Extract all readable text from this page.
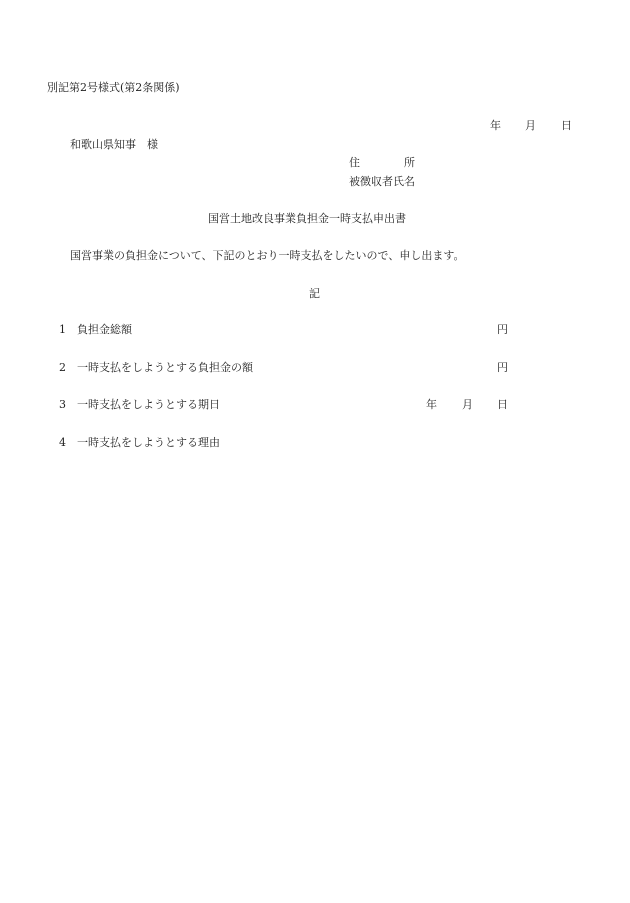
別記第2号様式(第2条関係)
年 月 日
和歌山県知事　様
住　　　　所
被徴収者氏名
国営土地改良事業負担金一時支払申出書
国営事業の負担金について、下記のとおり一時支払をしたいので、申し出ます。
記
1 負担金総額	円
2 一時支払をしようとする負担金の額	円
3 一時支払をしようとする期日	年 月 日
4 一時支払をしようとする理由
